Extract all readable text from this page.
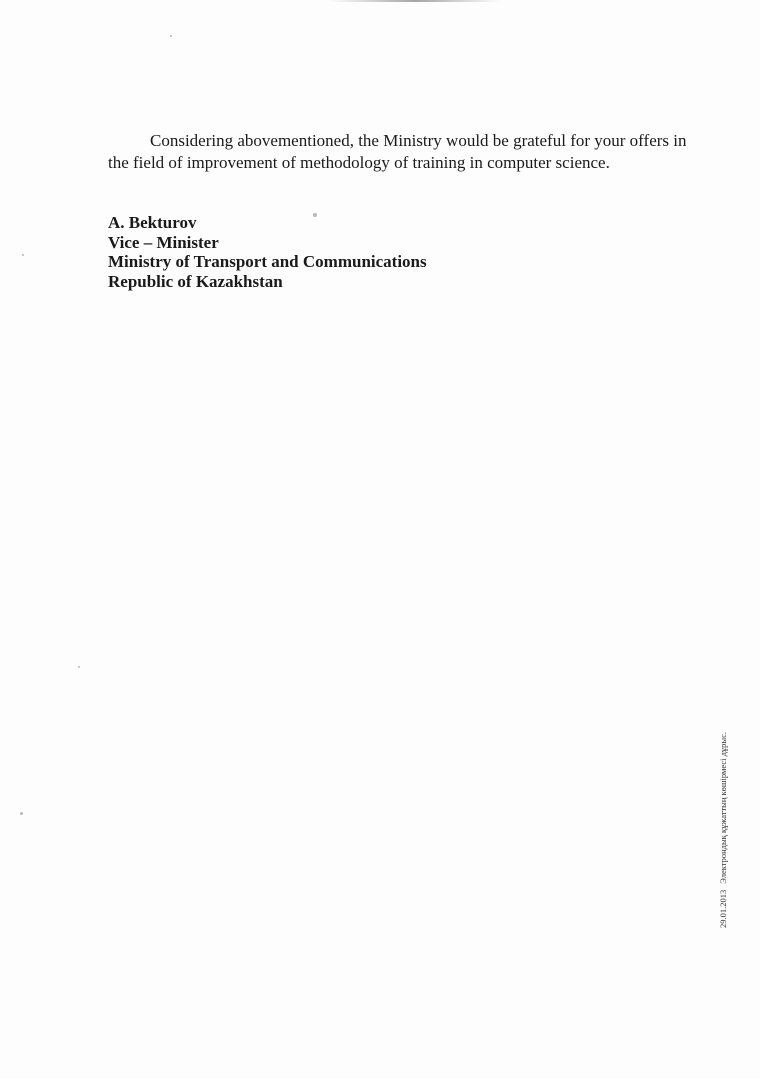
Considering abovementioned, the Ministry would be grateful for your offers in the field of improvement of methodology of training in computer science.

A. Bekturov
Vice – Minister
Ministry of Transport and Communications
Republic of Kazakhstan
29.01.2013Электрондық құжаттың көшірмесі дұрыс.
